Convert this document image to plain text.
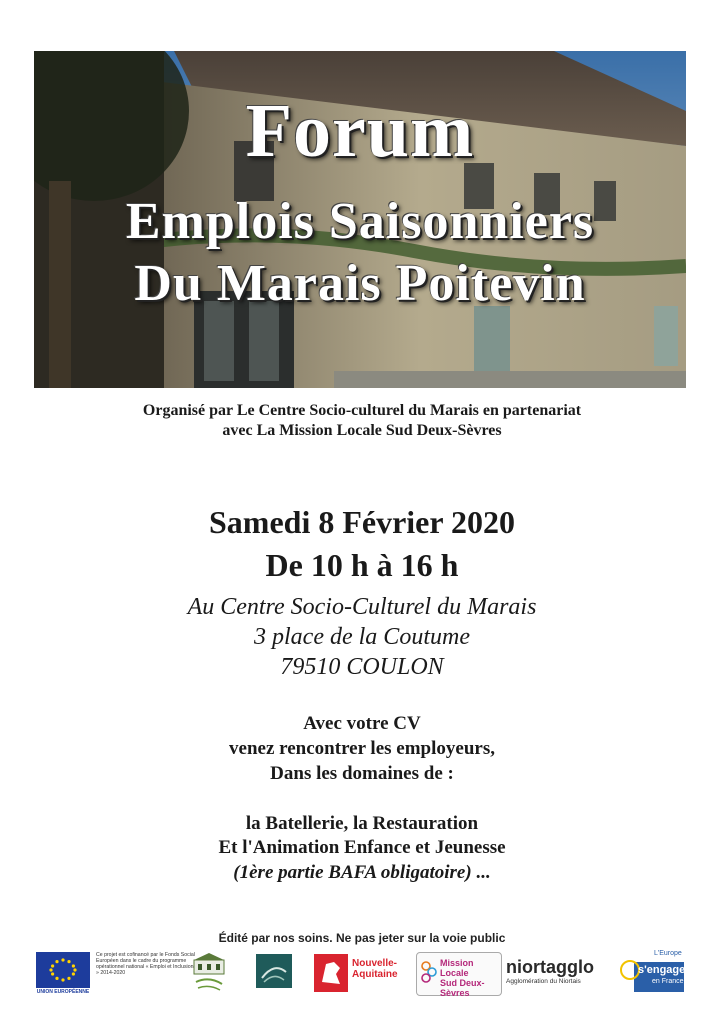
Forum
Emplois Saisonniers
Du Marais Poitevin
Organisé par Le Centre Socio-culturel du Marais en partenariat
avec La Mission Locale Sud Deux-Sèvres
Samedi 8 Février 2020
De 10 h à 16 h
Au Centre Socio-Culturel du Marais
3 place de la Coutume
79510 COULON
Avec votre CV
venez rencontrer les employeurs,
Dans les domaines de :
la Batellerie, la Restauration
Et l'Animation Enfance et Jeunesse
(1ère partie BAFA obligatoire) ...
Édité par nos soins. Ne pas jeter sur la voie public
UNION EUROPÉENNE
Ce projet est cofinancé par le Fonds Social Européen dans le cadre du programme opérationnel national « Emploi et Inclusion » 2014-2020
Nouvelle-
Aquitaine
Mission Locale
Sud Deux-Sèvres
niortagglo
Agglomération du Niortais
L'Europe
s'engage
en France
